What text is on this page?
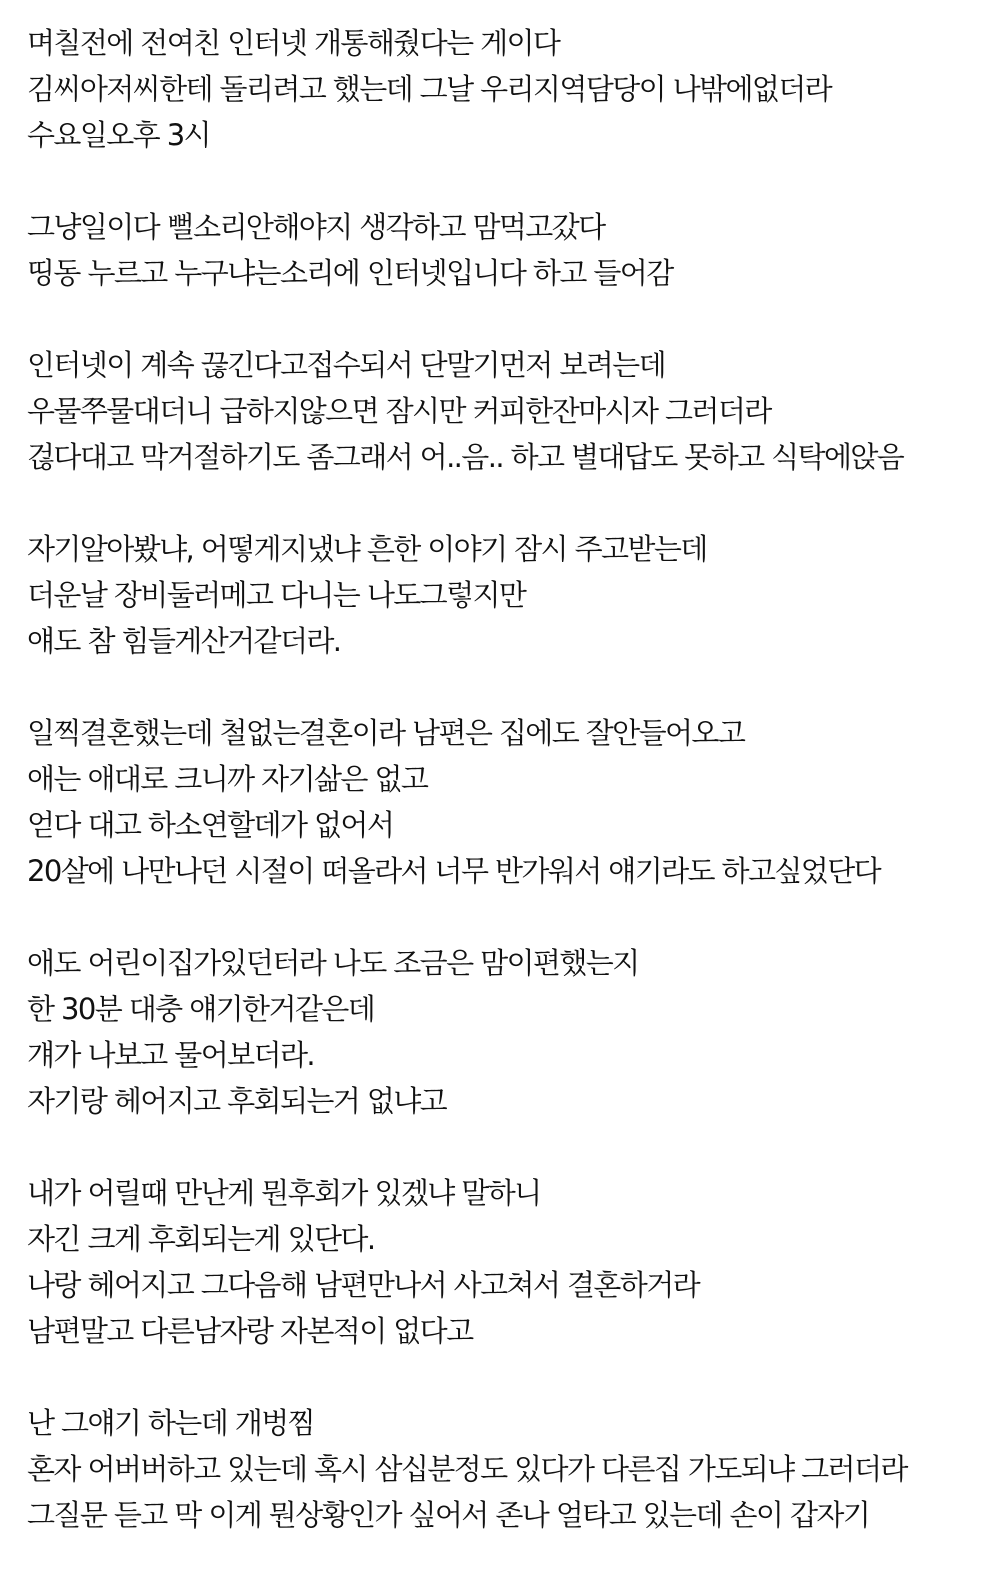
며칠전에 전여친 인터넷 개통해줬다는 게이다
김씨아저씨한테 돌리려고 했는데 그날 우리지역담당이 나밖에없더라
수요일오후 3시
그냥일이다 뻘소리안해야지 생각하고 맘먹고갔다
띵동 누르고 누구냐는소리에 인터넷입니다 하고 들어감
인터넷이 계속 끊긴다고접수되서 단말기먼저 보려는데
우물쭈물대더니 급하지않으면 잠시만 커피한잔마시자 그러더라
걶다대고 막거절하기도 좀그래서 어..음.. 하고 별대답도 못하고 식탁에앉음
자기알아봤냐, 어떻게지냈냐 흔한 이야기 잠시 주고받는데
더운날 장비둘러메고 다니는 나도그렇지만
얘도 참 힘들게산거같더라.
일찍결혼했는데 철없는결혼이라 남편은 집에도 잘안들어오고
애는 애대로 크니까 자기삶은 없고
얻다 대고 하소연할데가 없어서
20살에 나만나던 시절이 떠올라서 너무 반가워서 얘기라도 하고싶었단다
애도 어린이집가있던터라 나도 조금은 맘이편했는지
한 30분 대충 얘기한거같은데
걔가 나보고 물어보더라.
자기랑 헤어지고 후회되는거 없냐고
내가 어릴때 만난게 뭔후회가 있겠냐 말하니
자긴 크게 후회되는게 있단다.
나랑 헤어지고 그다음해 남편만나서 사고쳐서 결혼하거라
남편말고 다른남자랑 자본적이 없다고
난 그얘기 하는데 개벙찜
혼자 어버버하고 있는데 혹시 삼십분정도 있다가 다른집 가도되냐 그러더라
그질문 듣고 막 이게 뭔상황인가 싶어서 존나 얼타고 있는데 손이 갑자기
